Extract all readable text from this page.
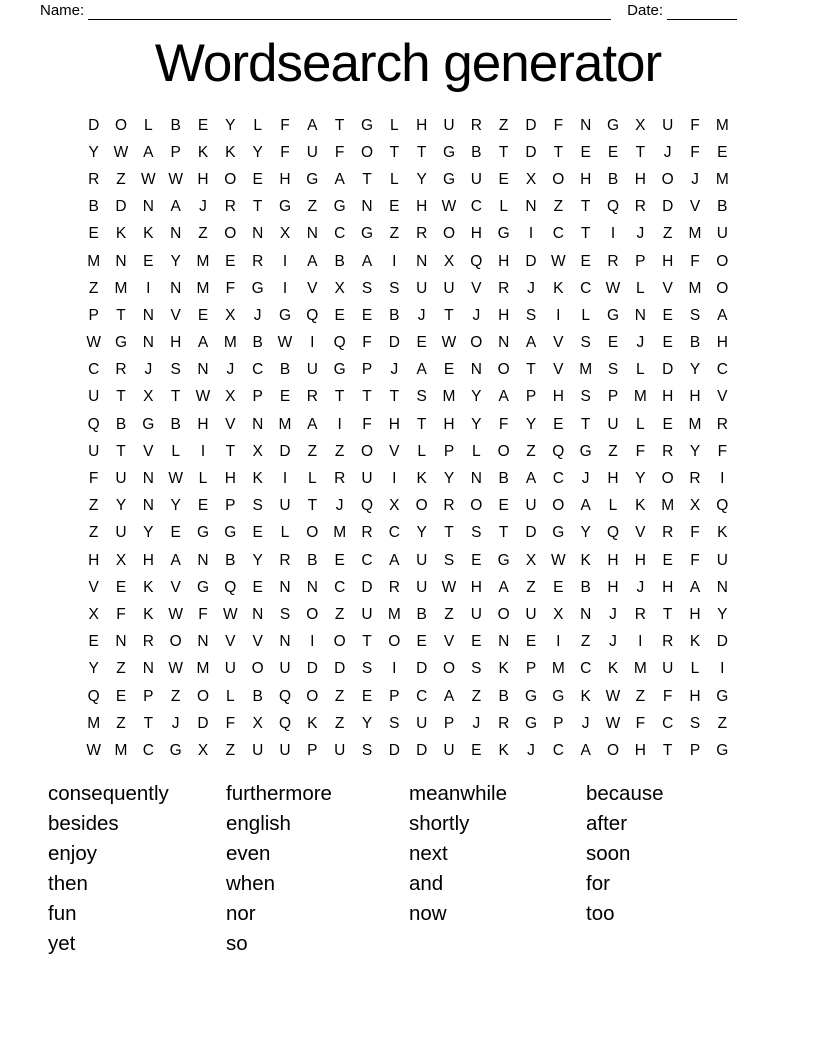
Name:	Date:
Wordsearch generator
D	O	L	B	E	Y	L	F	A	T	G	L	H	U	R	Z	D	F	N	G	X	U	F	M
Y W A	P	K	K	Y	F	U	F	O	T	T	G	B	T	D	T	E	E	T	J	F	E
R	Z W W H	O	E	H	G	A	T	L	Y	G	U	E	X	O	H	B	H	O	J	M
B	D	N	A	J	R	T	G	Z	G	N	E	H W C	L	N	Z	T	Q	R	D	V	B
E	K	K	N	Z	O	N	X	N	C	G	Z	R	O	H	G	I	C	T	I	J	Z	M U
M N	E	Y	M	E	R	I	A	B	A	I	N	X	Q	H	D W E	R	P	H	F	O
Z	M	I	N M	F	G	I	V	X	S	S	U	U	V	R	J	K	C W	L	V	M O
P	T	N	V	E	X	J	G Q	E	E	B	J	T	J	H	S	I	L	G	N	E	S	A
W G	N	H	A	M	B W	I	Q	F	D	E W O	N	A	V	S	E	J	E	B	H
C	R	J	S	N	J	C	B	U	G	P	J	A	E	N	O	T	V	M	S	L	D	Y	C
U	T	X	T W X	P	E	R	T	T	T	S	M	Y	A	P	H	S	P	M H	H	V
Q	B	G	B	H	V	N M	A	I	F	H	T	H	Y	F	Y	E	T	U	L	E	M R
U	T	V	L	I	T	X	D	Z	Z	O	V	L	P	L	O	Z	Q G	Z	F	R	Y	F
F	U	N W	L	H	K	I	L	R	U	I	K	Y	N	B	A	C	J	H	Y	O	R	I
Z	Y	N	Y	E	P	S	U	T	J	Q	X	O	R	O	E	U	O	A	L	K	M	X	Q
Z	U	Y	E	G G	E	L	O M R	C	Y	T	S	T	D	G	Y	Q	V	R	F	K
H	X	H	A	N	B	Y	R	B	E	C	A	U	S	E	G	X W K	H	H	E	F	U
V	E	K	V	G Q	E	N	N	C	D	R	U W H	A	Z	E	B	H	J	H	A	N
X	F	K W F W N	S	O	Z	U M	B	Z	U	O	U	X	N	J	R	T	H	Y
E	N	R	O	N	V	V	N	I	O	T	O	E	V	E	N	E	I	Z	J	I	R	K	D
Y	Z	N W M U	O	U	D	D	S	I	D	O	S	K	P	M C	K	M U	L	I
Q	E	P	Z	O	L	B	Q O	Z	E	P	C	A	Z	B	G G	K W Z	F	H	G
M	Z	T	J	D	F	X	Q	K	Z	Y	S	U	P	J	R	G	P	J	W F	C	S	Z
W M C	G	X	Z	U	U	P	U	S	D	D	U	E	K	J	C	A	O	H	T	P	G
consequently
besides
enjoy
then
fun
yet
furthermore
english
even
when
nor
so
meanwhile
shortly
next
and
now
because
after
soon
for
too
